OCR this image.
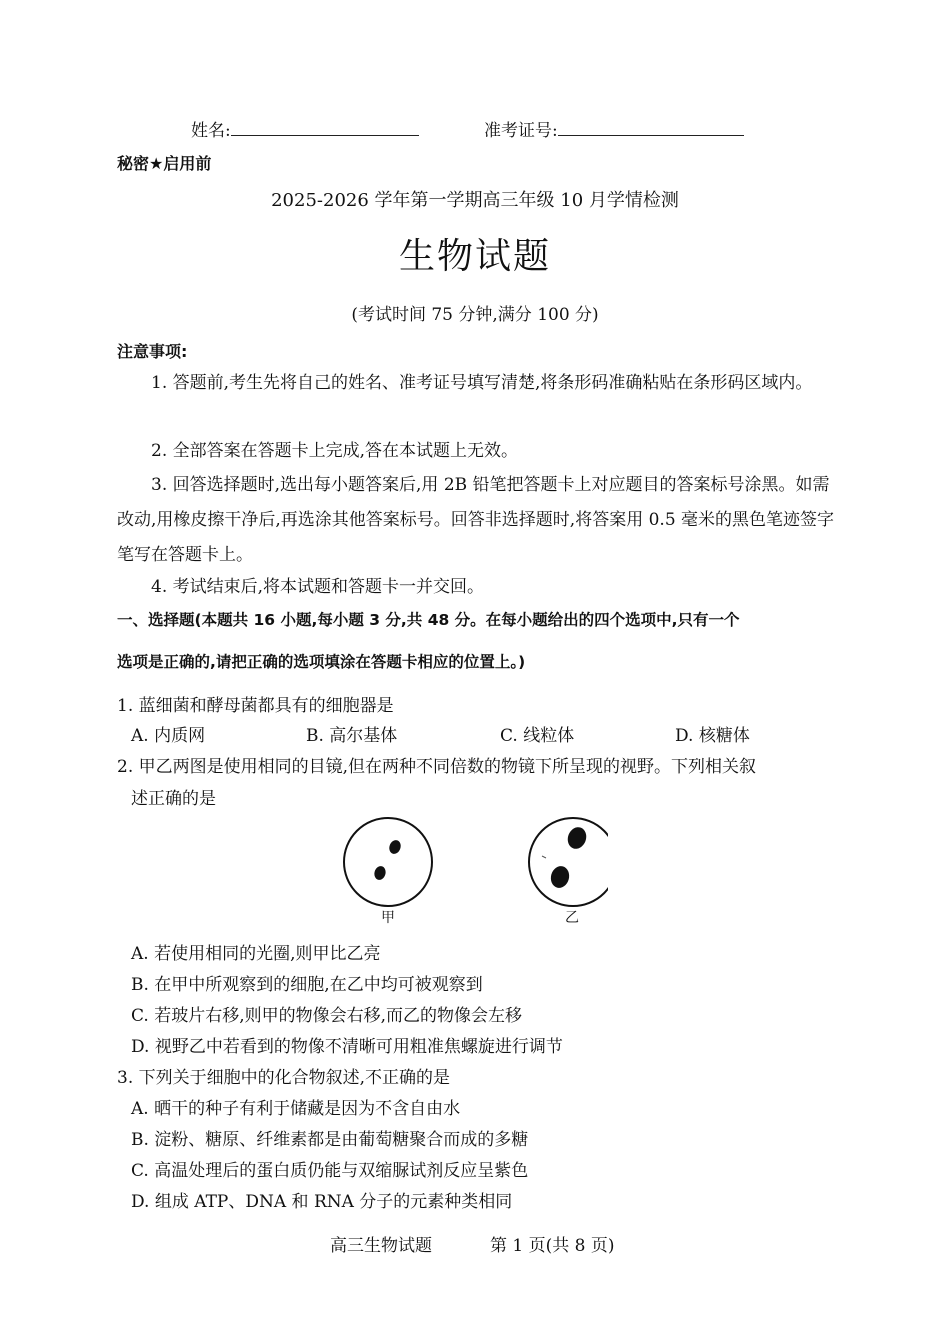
姓名:	准考证号:
秘密★启用前
2025-2026 学年第一学期高三年级 10 月学情检测
生物试题
(考试时间 75 分钟,满分 100 分)
注意事项:
1. 答题前,考生先将自己的姓名、准考证号填写清楚,将条形码准确粘贴在条形码区域内。
2. 全部答案在答题卡上完成,答在本试题上无效。
3. 回答选择题时,选出每小题答案后,用 2B 铅笔把答题卡上对应题目的答案标号涂黑。如需改动,用橡皮擦干净后,再选涂其他答案标号。回答非选择题时,将答案用 0.5 毫米的黑色笔迹签字笔写在答题卡上。
4. 考试结束后,将本试题和答题卡一并交回。
一、选择题(本题共 16 小题,每小题 3 分,共 48 分。在每小题给出的四个选项中,只有一个
选项是正确的,请把正确的选项填涂在答题卡相应的位置上。)
1. 蓝细菌和酵母菌都具有的细胞器是
A. 内质网	B. 高尔基体	C. 线粒体	D. 核糖体
2. 甲乙两图是使用相同的目镜,但在两种不同倍数的物镜下所呈现的视野。下列相关叙
述正确的是
甲	乙
A. 若使用相同的光圈,则甲比乙亮
B. 在甲中所观察到的细胞,在乙中均可被观察到
C. 若玻片右移,则甲的物像会右移,而乙的物像会左移
D. 视野乙中若看到的物像不清晰可用粗准焦螺旋进行调节
3. 下列关于细胞中的化合物叙述,不正确的是
A. 晒干的种子有利于储藏是因为不含自由水
B. 淀粉、糖原、纤维素都是由葡萄糖聚合而成的多糖
C. 高温处理后的蛋白质仍能与双缩脲试剂反应呈紫色
D. 组成 ATP、DNA 和 RNA 分子的元素种类相同
高三生物试题	第 1 页(共 8 页)
